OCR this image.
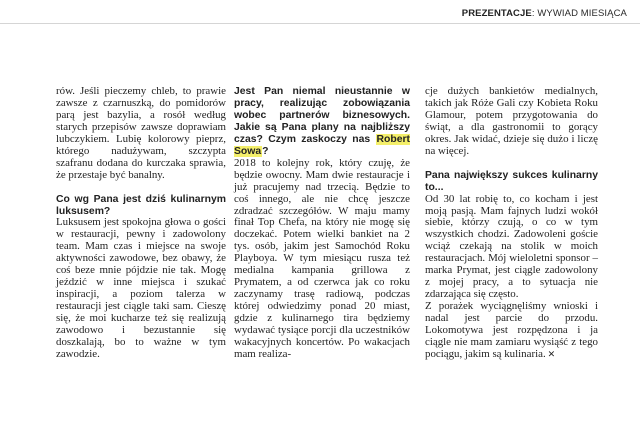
PREZENTACJE: WYWIAD MIESIĄCA

rów. Jeśli pieczemy chleb, to prawie zawsze z czarnuszką, do pomidorów parą jest bazylia, a rosół według starych przepisów zawsze doprawiam lubczykiem. Lubię kolorowy pieprz, którego nadużywam, szczypta szafranu dodana do kurczaka sprawia, że przestaje być banalny.

Co wg Pana jest dziś kulinarnym luksusem?

Luksusem jest spokojna głowa o gości w restauracji, pewny i zadowolony team. Mam czas i miejsce na swoje aktywności zawodowe, bez obawy, że coś beze mnie pójdzie nie tak. Mogę jeździć w inne miejsca i szukać inspiracji, a poziom talerza w restauracji jest ciągle taki sam. Cieszę się, że moi kucharze też się realizują zawodowo i bezustannie się doszkalają, bo to ważne w tym zawodzie.

Jest Pan niemal nieustannie w pracy, realizując zobowiązania wobec partnerów biznesowych. Jakie są Pana plany na najbliższy czas? Czym zaskoczy nas Robert Sowa?

2018 to kolejny rok, który czuję, że będzie owocny. Mam dwie restauracje i już pracujemy nad trzecią. Będzie to coś innego, ale nie chcę jeszcze zdradzać szczegółów. W maju mamy finał Top Chefa, na który nie mogę się doczekać. Potem wielki bankiet na 2 tys. osób, jakim jest Samochód Roku Playboya. W tym miesiącu rusza też medialna kampania grillowa z Prymatem, a od czerwca jak co roku zaczynamy trasę radiową, podczas której odwiedzimy ponad 20 miast, gdzie z kulinarnego tira będziemy wydawać tysiące porcji dla uczestników wakacyjnych koncertów. Po wakacjach mam realiza-

cje dużych bankietów medialnych, takich jak Róże Gali czy Kobieta Roku Glamour, potem przygotowania do świąt, a dla gastronomii to gorący okres. Jak widać, dzieje się dużo i liczę na więcej.

Pana największy sukces kulinarny to...

Od 30 lat robię to, co kocham i jest moją pasją. Mam fajnych ludzi wokół siebie, którzy czują, o co w tym wszystkich chodzi. Zadowoleni goście wciąż czekają na stolik w moich restauracjach. Mój wieloletni sponsor – marka Prymat, jest ciągle zadowolony z mojej pracy, a to sytuacja nie zdarzająca się często.

Z porażek wyciągnęliśmy wnioski i nadal jest parcie do przodu. Lokomotywa jest rozpędzona i ja ciągle nie mam zamiaru wysiąść z tego pociągu, jakim są kulinaria. ✕
